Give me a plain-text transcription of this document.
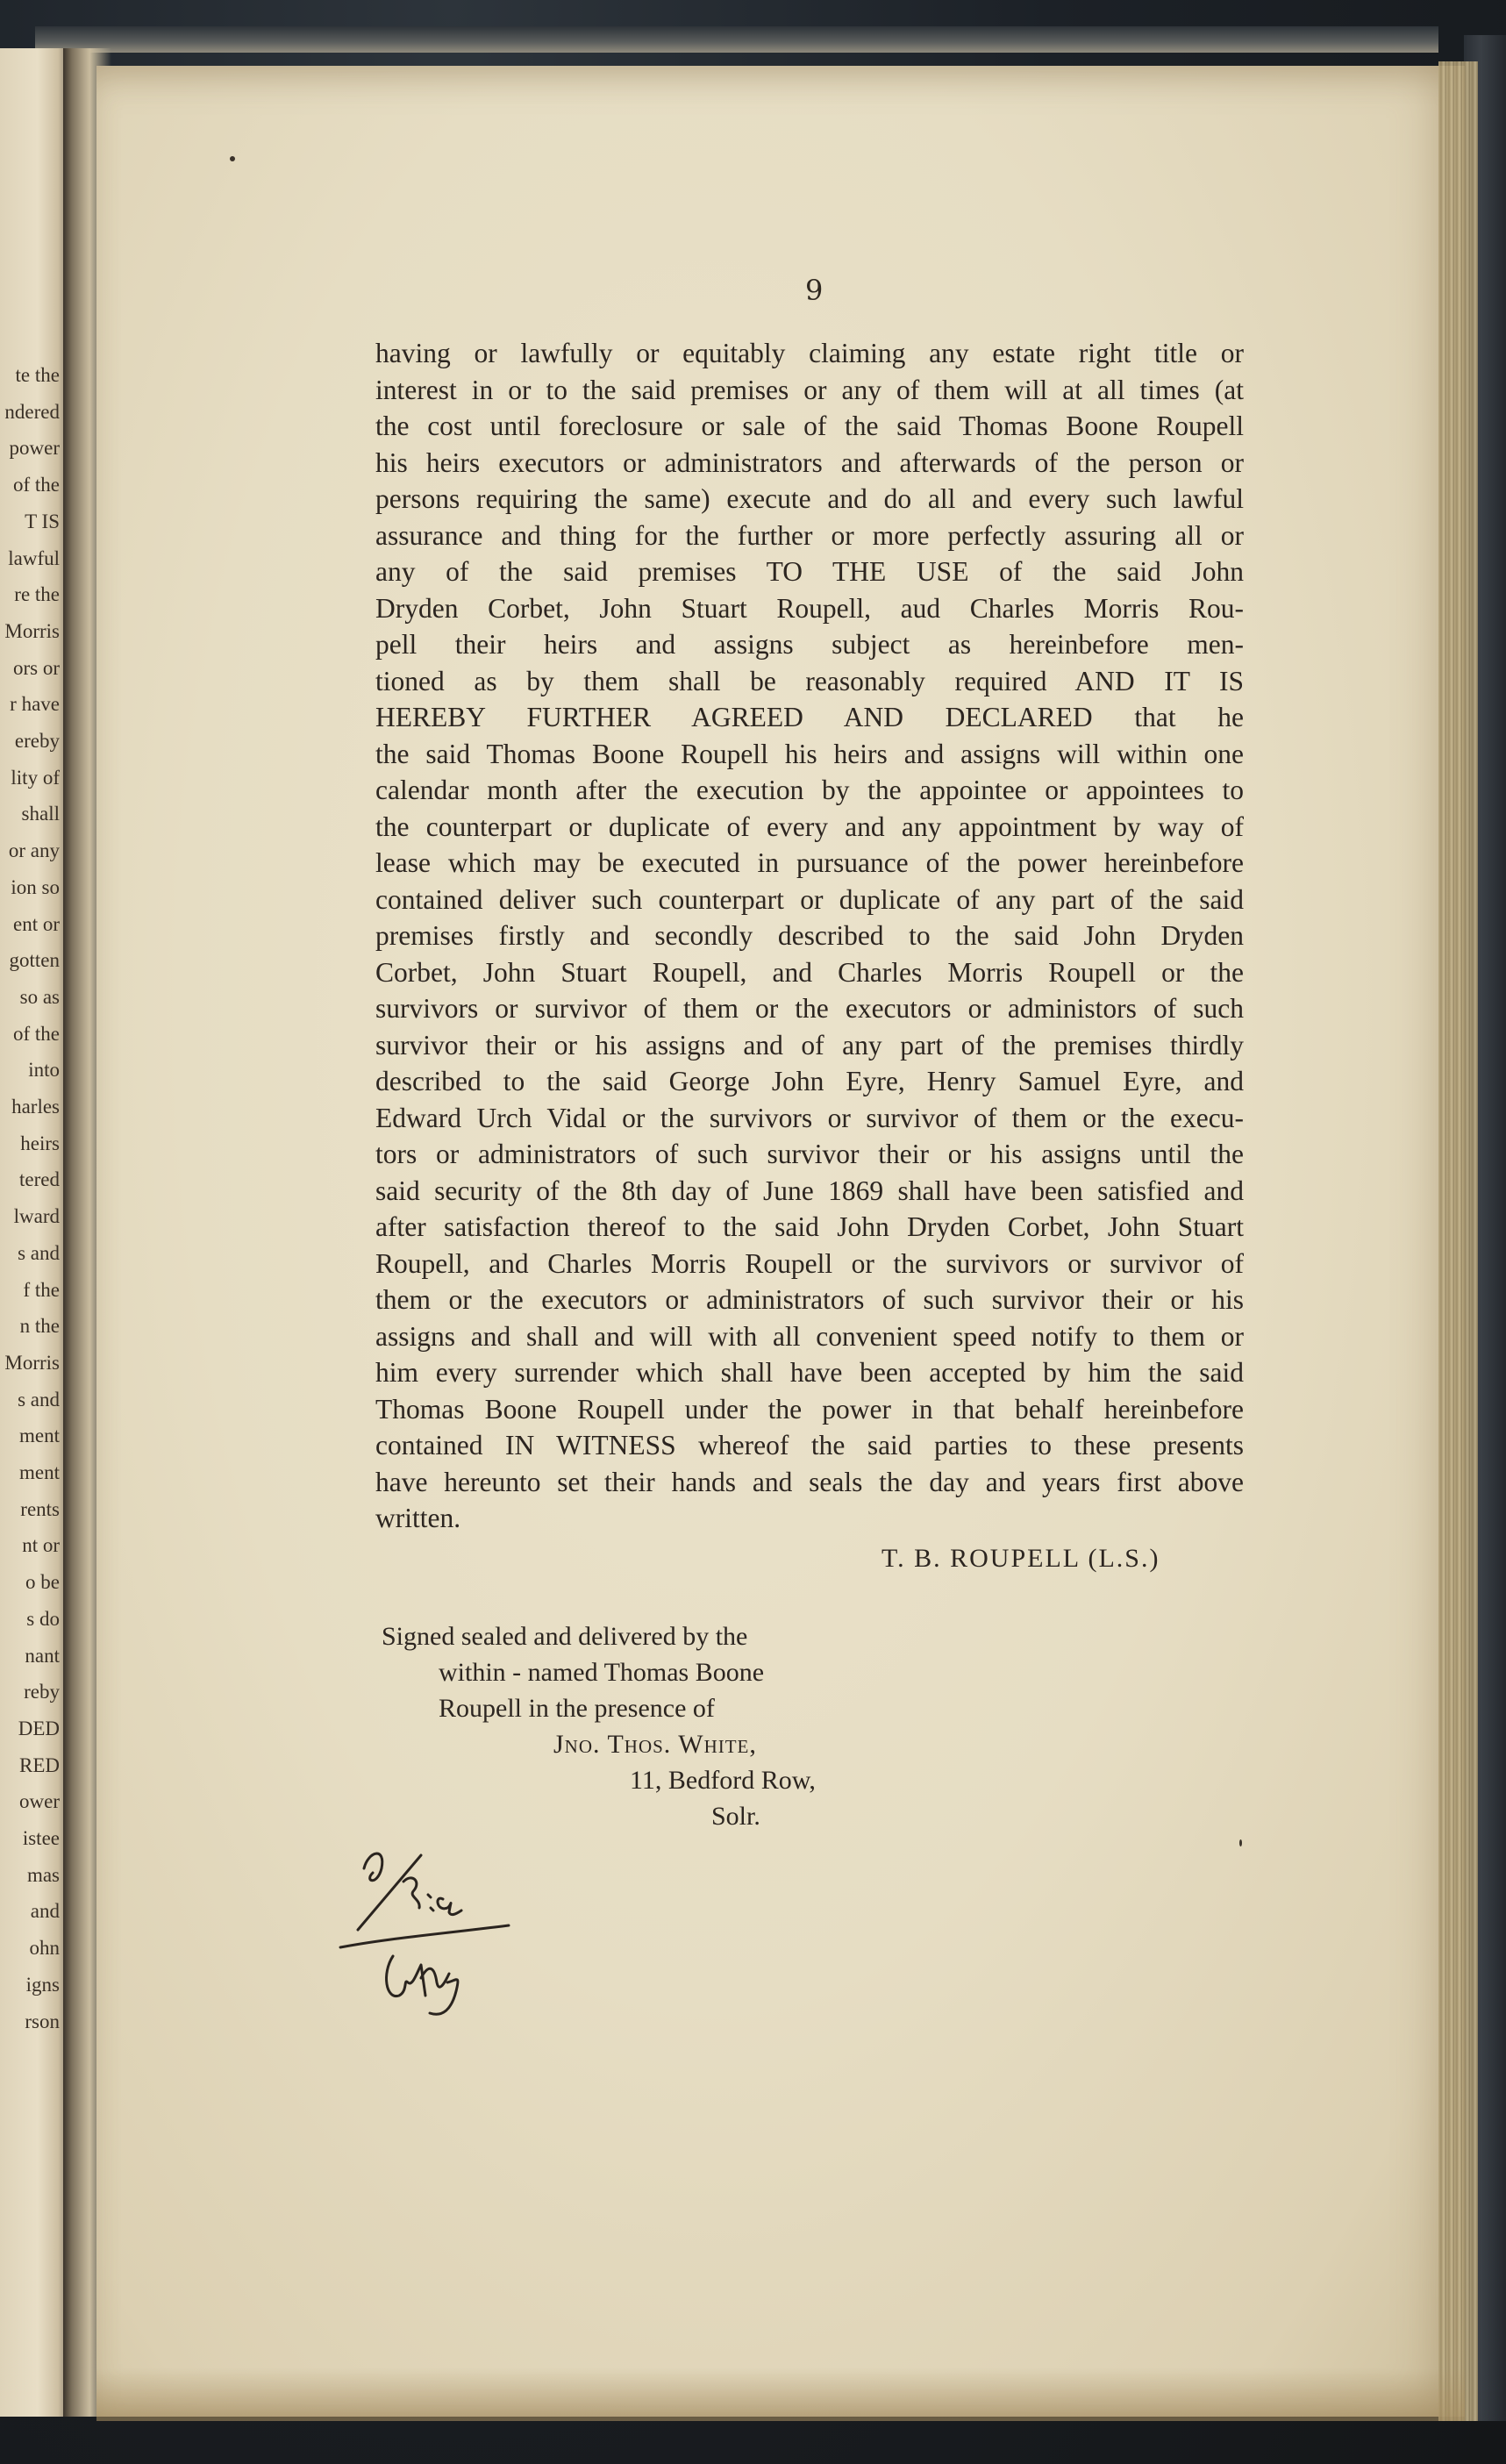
te the
ndered
power
of the
T IS
lawful
re the
Morris
ors or
r have
ereby
lity of
shall
or any
ion so
ent or
gotten
so as
of the
into
harles
heirs
tered
lward
s and
f the
n the
Morris
s and
ment
ment
rents
nt or
o be
s do
nant
reby
DED
RED
ower
istee
mas
and
ohn
igns
rson
9
having or lawfully or equitably claiming any estate right title or
interest in or to the said premises or any of them will at all times (at
the cost until foreclosure or sale of the said Thomas Boone Roupell
his heirs executors or administrators and afterwards of the person or
persons requiring the same) execute and do all and every such lawful
assurance and thing for the further or more perfectly assuring all or
any of the said premises TO THE USE of the said John
Dryden Corbet, John Stuart Roupell, aud Charles Morris Rou-
pell their heirs and assigns subject as hereinbefore men-
tioned as by them shall be reasonably required AND IT IS
HEREBY FURTHER AGREED AND DECLARED that he
the said Thomas Boone Roupell his heirs and assigns will within one
calendar month after the execution by the appointee or appointees to
the counterpart or duplicate of every and any appointment by way of
lease which may be executed in pursuance of the power hereinbefore
contained deliver such counterpart or duplicate of any part of the said
premises firstly and secondly described to the said John Dryden
Corbet, John Stuart Roupell, and Charles Morris Roupell or the
survivors or survivor of them or the executors or administors of such
survivor their or his assigns and of any part of the premises thirdly
described to the said George John Eyre, Henry Samuel Eyre, and
Edward Urch Vidal or the survivors or survivor of them or the execu-
tors or administrators of such survivor their or his assigns until the
said security of the 8th day of June 1869 shall have been satisfied and
after satisfaction thereof to the said John Dryden Corbet, John Stuart
Roupell, and Charles Morris Roupell or the survivors or survivor of
them or the executors or administrators of such survivor their or his
assigns and shall and will with all convenient speed notify to them or
him every surrender which shall have been accepted by him the said
Thomas Boone Roupell under the power in that behalf hereinbefore
contained IN WITNESS whereof the said parties to these presents
have hereunto set their hands and seals the day and years first above
written.
T. B. ROUPELL (L.S.)
Signed sealed and delivered by the
within - named Thomas Boone
Roupell in the presence of
Jno. Thos. White,
11, Bedford Row,
Solr.
